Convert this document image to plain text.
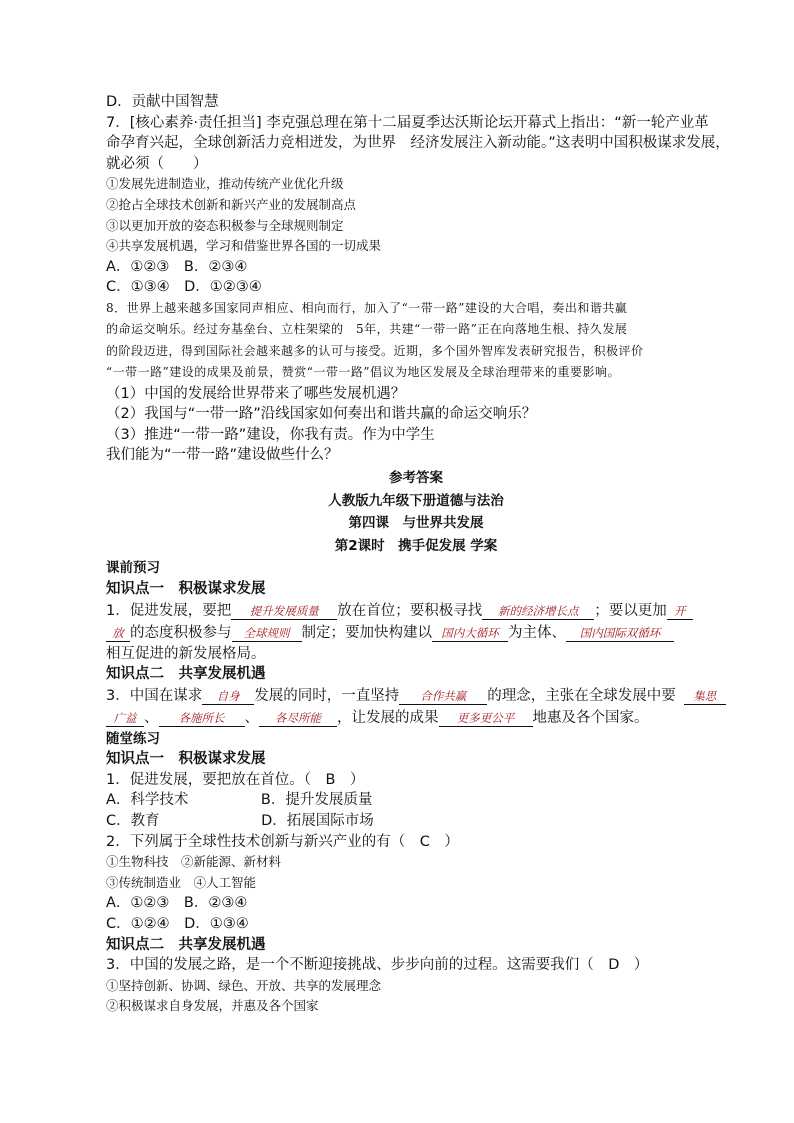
D．贡献中国智慧
7．[核心素养·责任担当] 李克强总理在第十二届夏季达沃斯论坛开幕式上指出：“新一轮产业革
命孕育兴起，全球创新活力竞相迸发，为世界　经济发展注入新动能。”这表明中国积极谋求发展，
就必须（　　）
①发展先进制造业，推动传统产业优化升级
②抢占全球技术创新和新兴产业的发展制高点
③以更加开放的姿态积极参与全球规则制定
④共享发展机遇，学习和借鉴世界各国的一切成果
A．①②③　B．②③④
C．①③④　D．①②③④
8．世界上越来越多国家同声相应、相向而行，加入了“一带一路”建设的大合唱，奏出和谐共赢
的命运交响乐。经过夯基垒台、立柱架梁的　5年，共建“一带一路”正在向落地生根、持久发展
的阶段迈进，得到国际社会越来越多的认可与接受。近期，多个国外智库发表研究报告，积极评价
“一带一路”建设的成果及前景，赞赏“一带一路”倡议为地区发展及全球治理带来的重要影响。
（1）中国的发展给世界带来了哪些发展机遇？
（2）我国与“一带一路”沿线国家如何奏出和谐共赢的命运交响乐？
（3）推进“一带一路”建设，你我有责。作为中学生
我们能为“一带一路”建设做些什么？
参考答案
人教版九年级下册道德与法治
第四课　与世界共发展
第2课时　携手促发展 学案
课前预习
知识点一　积极谋求发展
1．促进发展，要把 提升发展质量 放在首位；要积极寻找 新的经济增长点 ；要以更加 开
放 的态度积极参与 全球规则 制定；要加快构建以 国内大循环 为主体、 国内国际双循环
相互促进的新发展格局。
知识点二　共享发展机遇
3．中国在谋求 自身 发展的同时，一直坚持 合作共赢 的理念，主张在全球发展中要 集思
广益 、 各施所长 、 各尽所能 ，让发展的成果 更多更公平 地惠及各个国家。
随堂练习
知识点一　积极谋求发展
1．促进发展，要把放在首位。（　B　）
A．科学技术　　　　　B．提升发展质量
C．教育　　　　　　　D．拓展国际市场
2．下列属于全球性技术创新与新兴产业的有（　C　）
①生物科技　②新能源、新材料
③传统制造业　④人工智能
A．①②③　B．②③④
C．①②④　D．①③④
知识点二　共享发展机遇
3．中国的发展之路，是一个不断迎接挑战、步步向前的过程。这需要我们（　D　）
①坚持创新、协调、绿色、开放、共享的发展理念
②积极谋求自身发展，并惠及各个国家
